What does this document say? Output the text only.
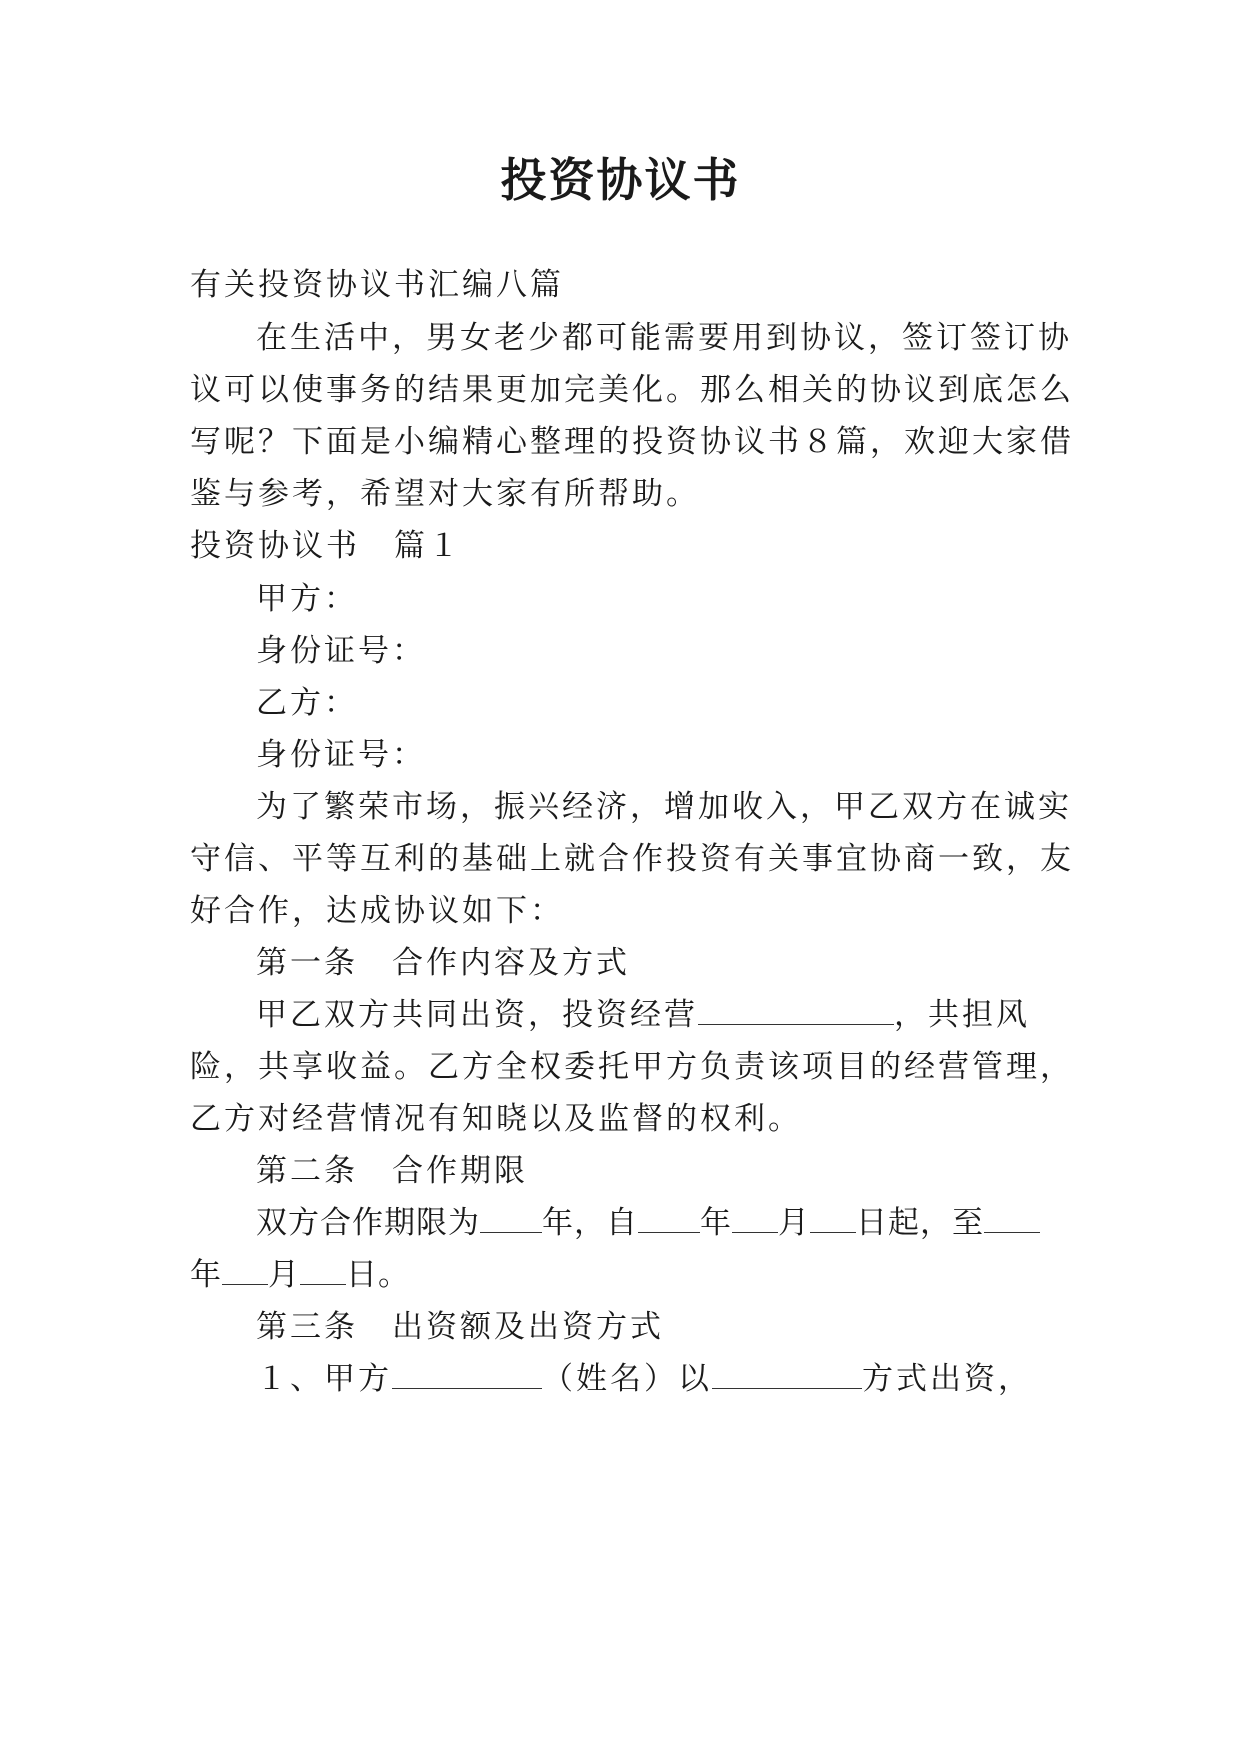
投资协议书

有关投资协议书汇编八篇

在生活中，男女老少都可能需要用到协议，签订签订协

议可以使事务的结果更加完美化。那么相关的协议到底怎么

写呢？下面是小编精心整理的投资协议书８篇，欢迎大家借

鉴与参考，希望对大家有所帮助。

投资协议书　篇１

甲方：

身份证号：

乙方：

身份证号：

为了繁荣市场，振兴经济，增加收入，甲乙双方在诚实

守信、平等互利的基础上就合作投资有关事宜协商一致，友

好合作，达成协议如下：

第一条　合作内容及方式

甲乙双方共同出资，投资经营	，共担风

险，共享收益。乙方全权委托甲方负责该项目的经营管理，

乙方对经营情况有知晓以及监督的权利。

第二条　合作期限

双方合作期限为 年，自 年 月 日起，至

年 月 日。

第三条　出资额及出资方式

１、甲方	（姓名）以	方式出资，
